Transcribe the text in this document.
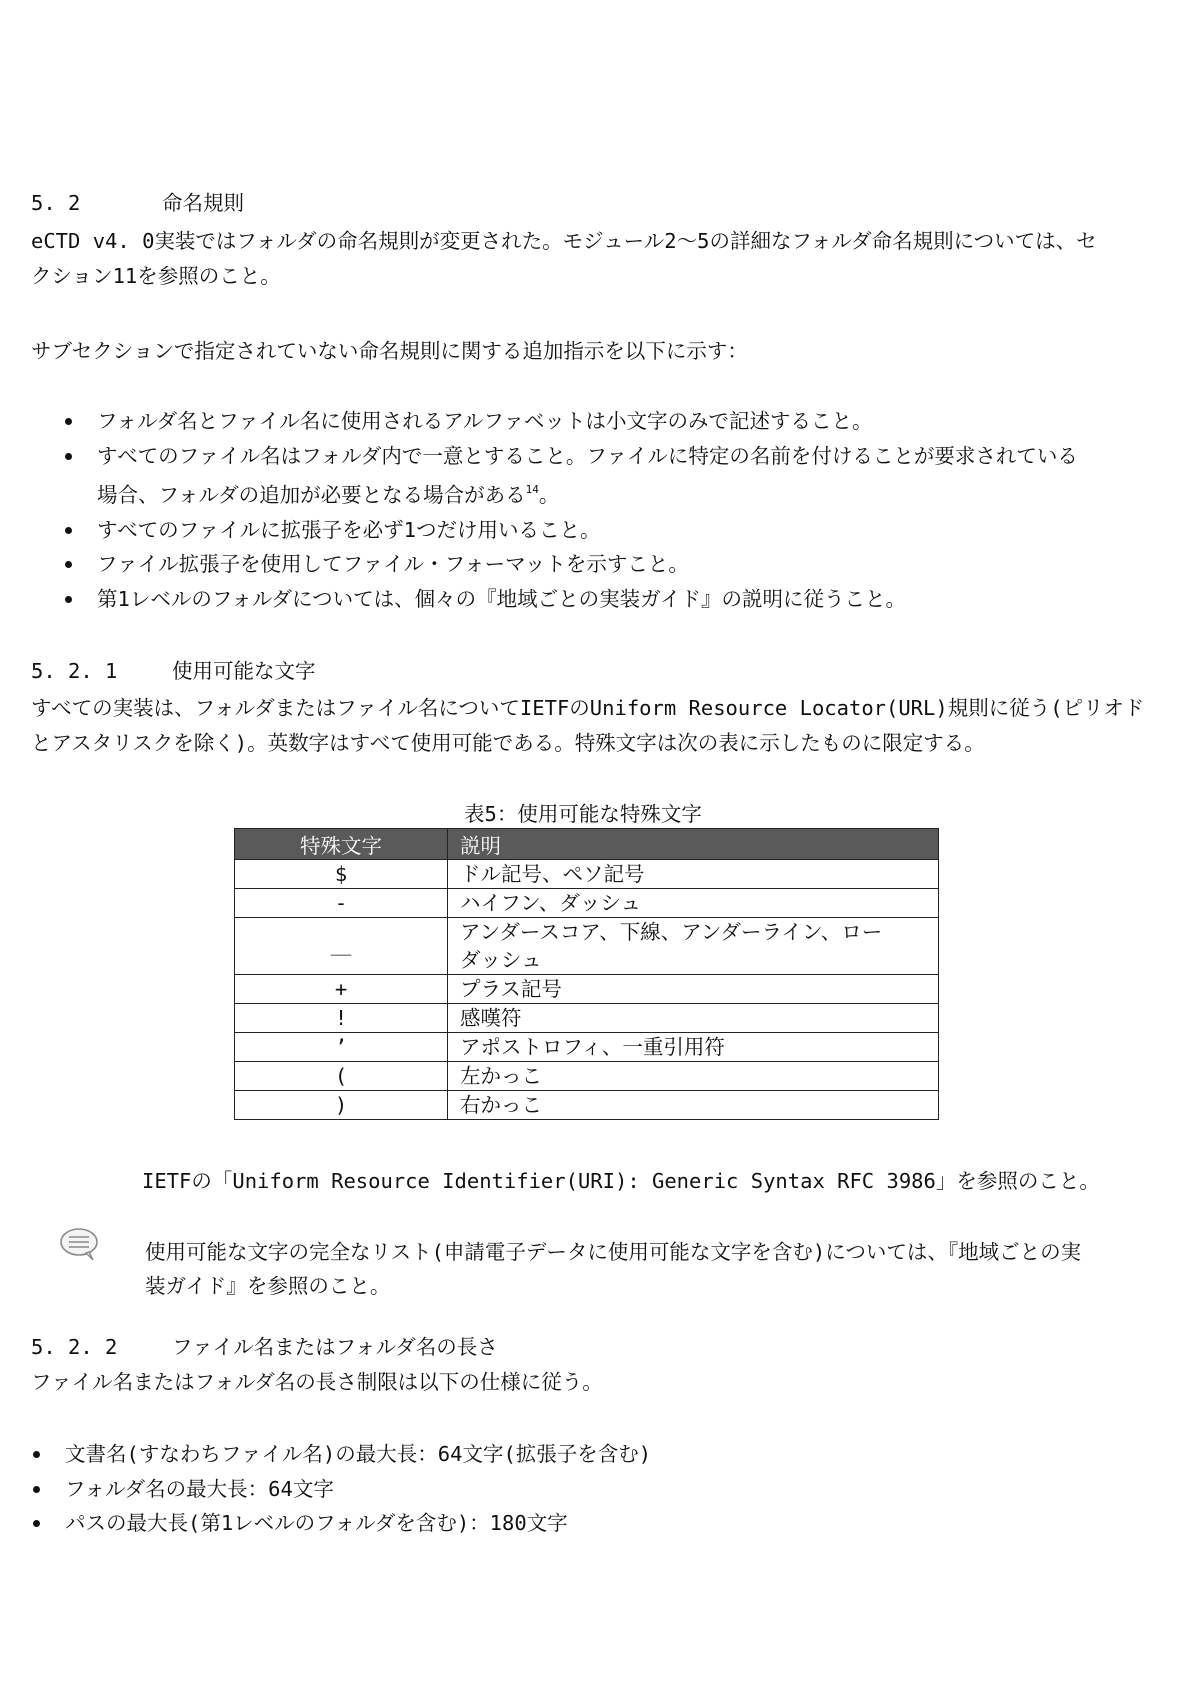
5. 2	命名規則
eCTD v4. 0実装ではフォルダの命名規則が変更された。モジュール2～5の詳細なフォルダ命名規則については、セ
クション11を参照のこと。
サブセクションで指定されていない命名規則に関する追加指示を以下に示す：
フォルダ名とファイル名に使用されるアルファベットは小文字のみで記述すること。
すべてのファイル名はフォルダ内で一意とすること。ファイルに特定の名前を付けることが要求されている
場合、フォルダの追加が必要となる場合がある$^{14}$。
すべてのファイルに拡張子を必ず1つだけ用いること。
ファイル拡張子を使用してファイル・フォーマットを示すこと。
第1レベルのフォルダについては、個々の『地域ごとの実装ガイド』の説明に従うこと。
5. 2. 1	使用可能な文字
すべての実装は、フォルダまたはファイル名についてIETFのUniform Resource Locator(URL)規則に従う(ピリオド
とアスタリスクを除く)。英数字はすべて使用可能である。特殊文字は次の表に示したものに限定する。
表5：使用可能な特殊文字
特殊文字	説明
$	ドル記号、ペソ記号
-	ハイフン、ダッシュ
＿	アンダースコア、下線、アンダーライン、ロー
ダッシュ
+	プラス記号
!	感嘆符
’	アポストロフィ、一重引用符
(	左かっこ
)	右かっこ
IETFの「Uniform Resource Identifier(URI): Generic Syntax RFC 3986」を参照のこと。
使用可能な文字の完全なリスト(申請電子データに使用可能な文字を含む)については、『地域ごとの実
装ガイド』を参照のこと。
5. 2. 2	ファイル名またはフォルダ名の長さ
ファイル名またはフォルダ名の長さ制限は以下の仕様に従う。
文書名(すなわちファイル名)の最大長：64文字(拡張子を含む)
フォルダ名の最大長：64文字
パスの最大長(第1レベルのフォルダを含む)：180文字
